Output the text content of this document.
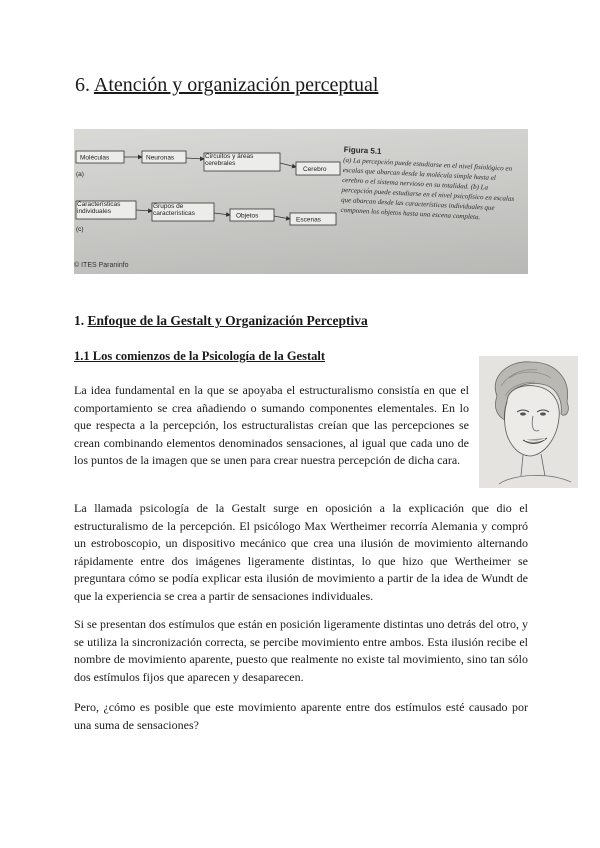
6. Atención y organización perceptual
Moléculas	Neuronas	Circuitos y áreas cerebrales
Cerebro
(a)
Características individuales
Grupos de características	Objetos
Escenas
(c)
Figura 5.1
(a) La percepción puede estudiarse en el nivel fisiológico en escalas que abarcan desde la molécula simple hasta el cerebro o el sistema nervioso en su totalidad. (b) La percepción puede estudiarse en el nivel psicofísico en escalas que abarcan desde las características individuales que componen los objetos hasta una escena completa.
© ITES Paraninfo
1. Enfoque de la Gestalt y Organización Perceptiva
1.1 Los comienzos de la Psicología de la Gestalt

La idea fundamental en la que se apoyaba el estructuralismo consistía en que el comportamiento se crea añadiendo o sumando componentes elementales. En lo que respecta a la percepción, los estructuralistas creían que las percepciones se crean combinando elementos denominados sensaciones, al igual que cada uno de los puntos de la imagen que se unen para crear nuestra percepción de dicha cara.

La llamada psicología de la Gestalt surge en oposición a la explicación que dio el estructuralismo de la percepción. El psicólogo Max Wertheimer recorría Alemania y compró un estroboscopio, un dispositivo mecánico que crea una ilusión de movimiento alternando rápidamente entre dos imágenes ligeramente distintas, lo que hizo que Wertheimer se preguntara cómo se podía explicar esta ilusión de movimiento a partir de la idea de Wundt de que la experiencia se crea a partir de sensaciones individuales.

Si se presentan dos estímulos que están en posición ligeramente distintas uno detrás del otro, y se utiliza la sincronización correcta, se percibe movimiento entre ambos. Esta ilusión recibe el nombre de movimiento aparente, puesto que realmente no existe tal movimiento, sino tan sólo dos estímulos fijos que aparecen y desaparecen.

Pero, ¿cómo es posible que este movimiento aparente entre dos estímulos esté causado por una suma de sensaciones?
